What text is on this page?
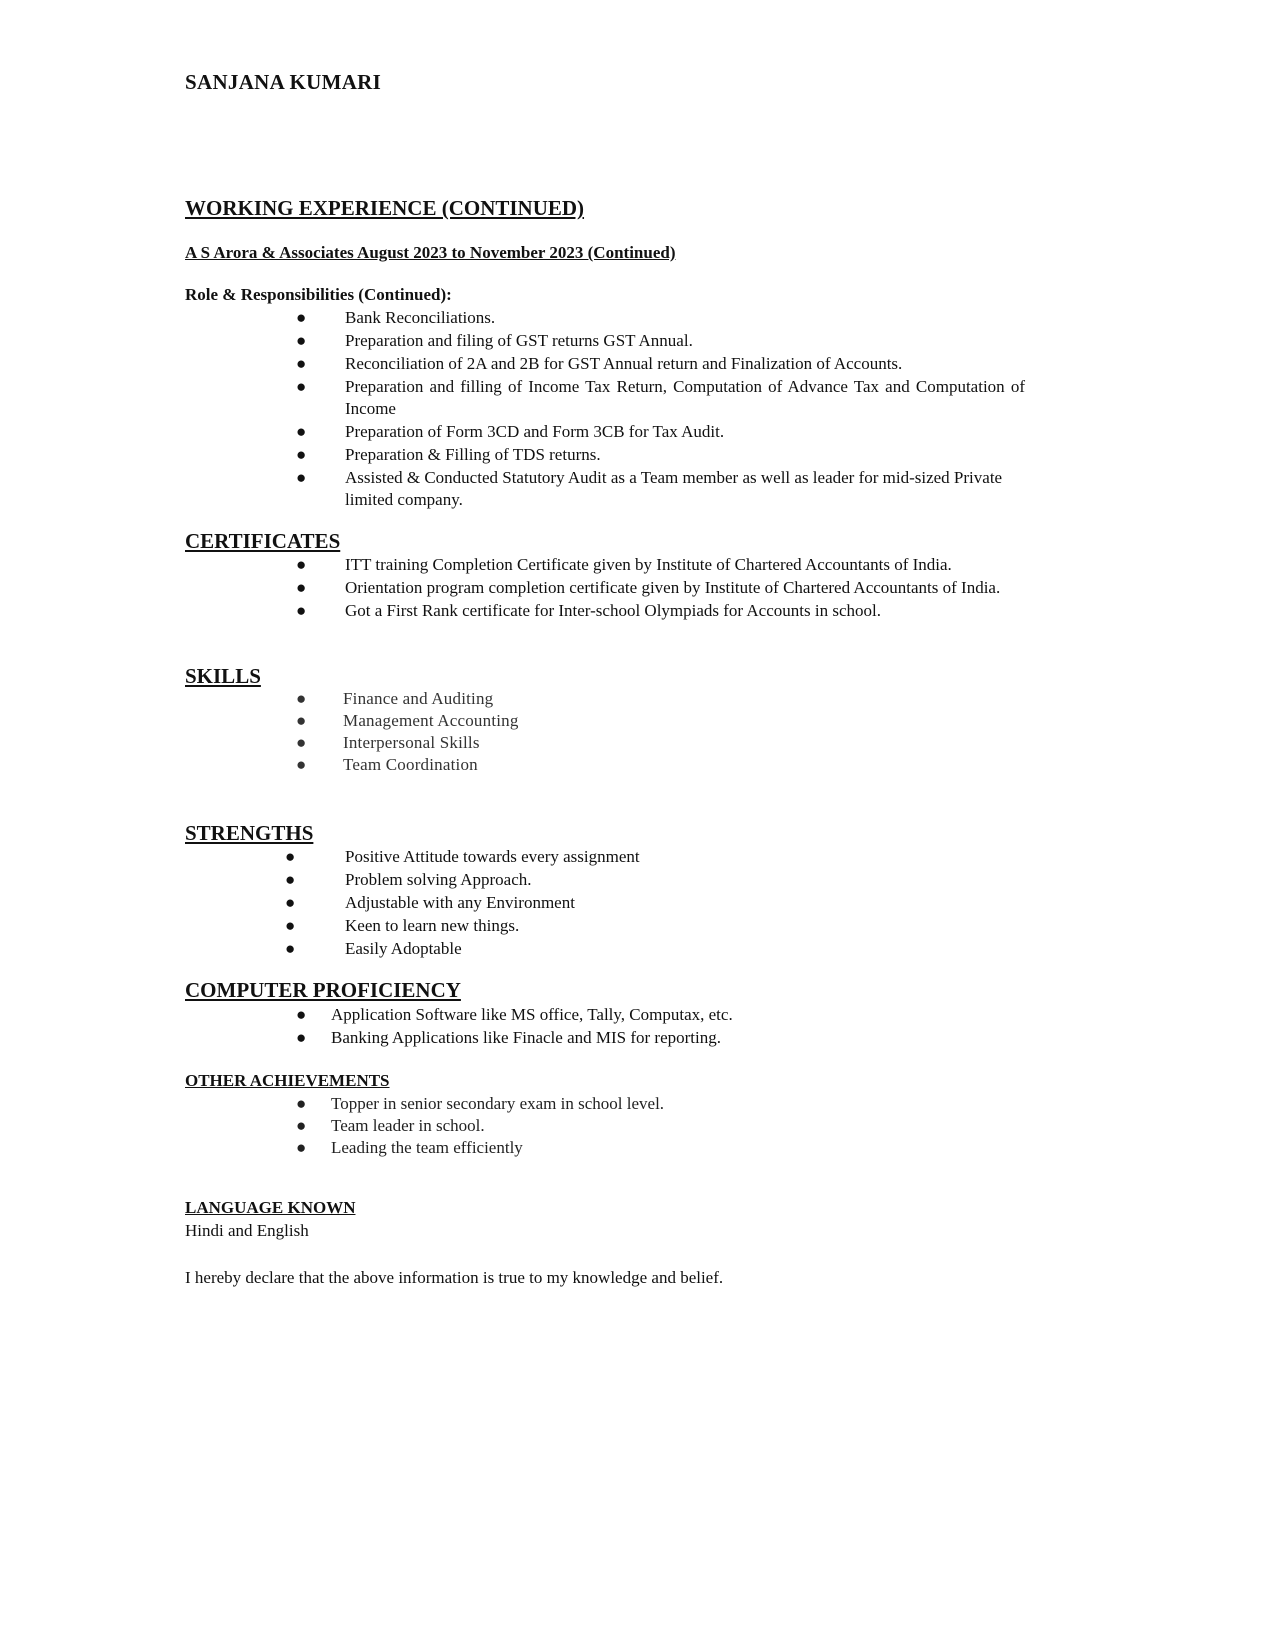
SANJANA KUMARI
WORKING EXPERIENCE (CONTINUED)
A S Arora & Associates August 2023 to November 2023 (Continued)
Role & Responsibilities (Continued):
● Bank Reconciliations.
● Preparation and filing of GST returns GST Annual.
● Reconciliation of 2A and 2B for GST Annual return and Finalization of Accounts.
● Preparation and filling of Income Tax Return, Computation of Advance Tax and Computation of Income
● Preparation of Form 3CD and Form 3CB for Tax Audit.
● Preparation & Filling of TDS returns.
● Assisted & Conducted Statutory Audit as a Team member as well as leader for mid-sized Private limited company.
CERTIFICATES
● ITT training Completion Certificate given by Institute of Chartered Accountants of India.
● Orientation program completion certificate given by Institute of Chartered Accountants of India.
● Got a First Rank certificate for Inter-school Olympiads for Accounts in school.
SKILLS
● Finance and Auditing
● Management Accounting
● Interpersonal Skills
● Team Coordination
STRENGTHS
●	Positive Attitude towards every assignment
●	Problem solving Approach.
●	Adjustable with any Environment
●	Keen to learn new things.
●	Easily Adoptable
COMPUTER PROFICIENCY
● Application Software like MS office, Tally, Computax, etc.
● Banking Applications like Finacle and MIS for reporting.
OTHER ACHIEVEMENTS
● Topper in senior secondary exam in school level.
● Team leader in school.
● Leading the team efficiently
LANGUAGE KNOWN
Hindi and English
I hereby declare that the above information is true to my knowledge and belief.
